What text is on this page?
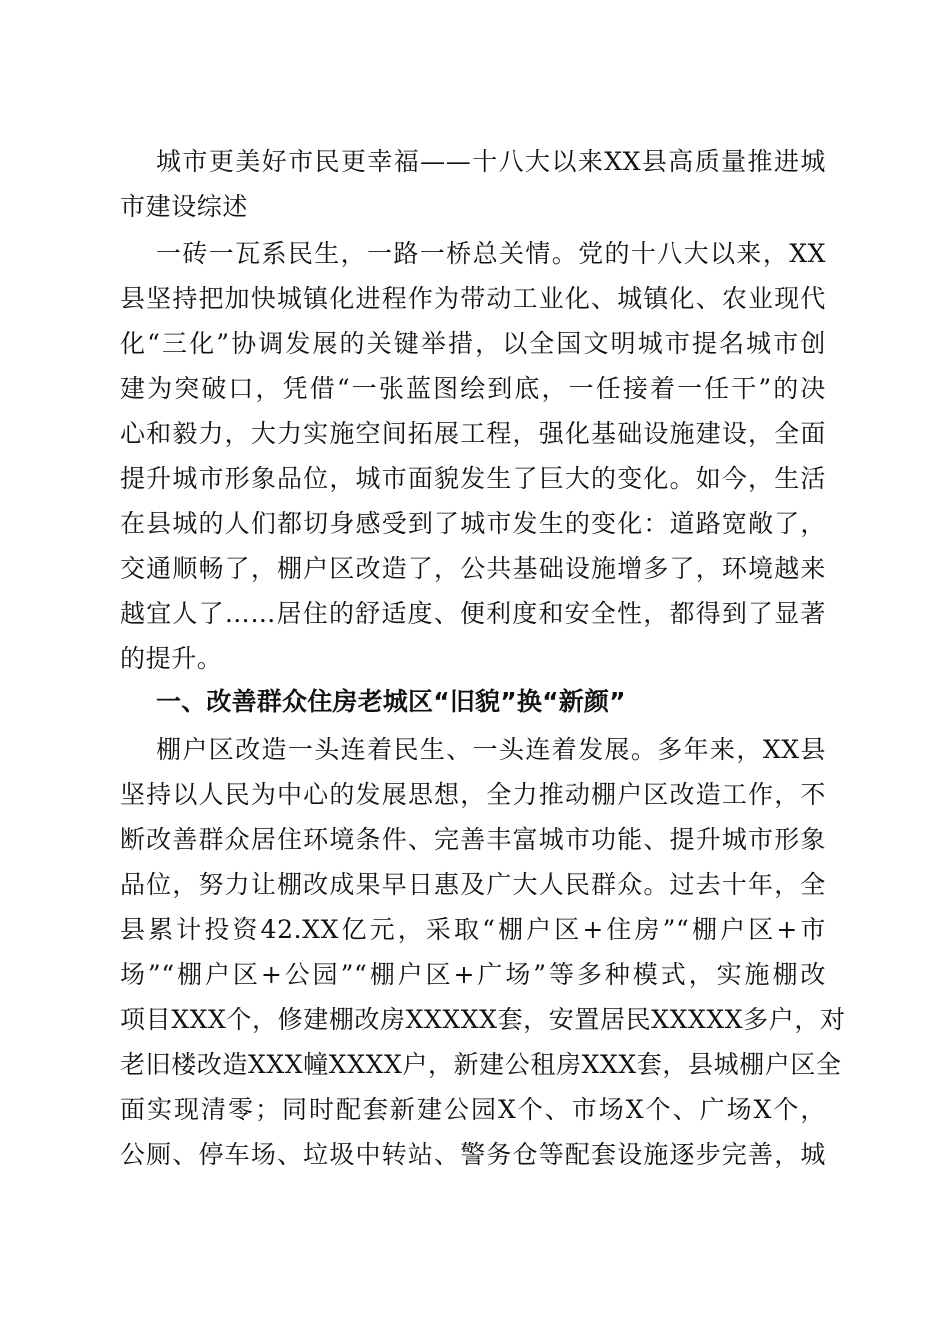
城市更美好市民更幸福——十八大以来XX县高质量推进城
市建设综述
一砖一瓦系民生，一路一桥总关情。党的十八大以来，XX
县坚持把加快城镇化进程作为带动工业化、城镇化、农业现代
化“三化”协调发展的关键举措，以全国文明城市提名城市创
建为突破口，凭借“一张蓝图绘到底，一任接着一任干”的决
心和毅力，大力实施空间拓展工程，强化基础设施建设，全面
提升城市形象品位，城市面貌发生了巨大的变化。如今，生活
在县城的人们都切身感受到了城市发生的变化：道路宽敞了，
交通顺畅了，棚户区改造了，公共基础设施增多了，环境越来
越宜人了……居住的舒适度、便利度和安全性，都得到了显著
的提升。
一、改善群众住房老城区“旧貌”换“新颜”
棚户区改造一头连着民生、一头连着发展。多年来，XX县
坚持以人民为中心的发展思想，全力推动棚户区改造工作，不
断改善群众居住环境条件、完善丰富城市功能、提升城市形象
品位，努力让棚改成果早日惠及广大人民群众。过去十年，全
县累计投资42.XX亿元，采取“棚户区+住房”“棚户区+市
场”“棚户区+公园”“棚户区+广场”等多种模式，实施棚改
项目XXX个，修建棚改房XXXXX套，安置居民XXXXX多户，对
老旧楼改造XXX幢XXXX户，新建公租房XXX套，县城棚户区全
面实现清零；同时配套新建公园X个、市场X个、广场X个，
公厕、停车场、垃圾中转站、警务仓等配套设施逐步完善，城
